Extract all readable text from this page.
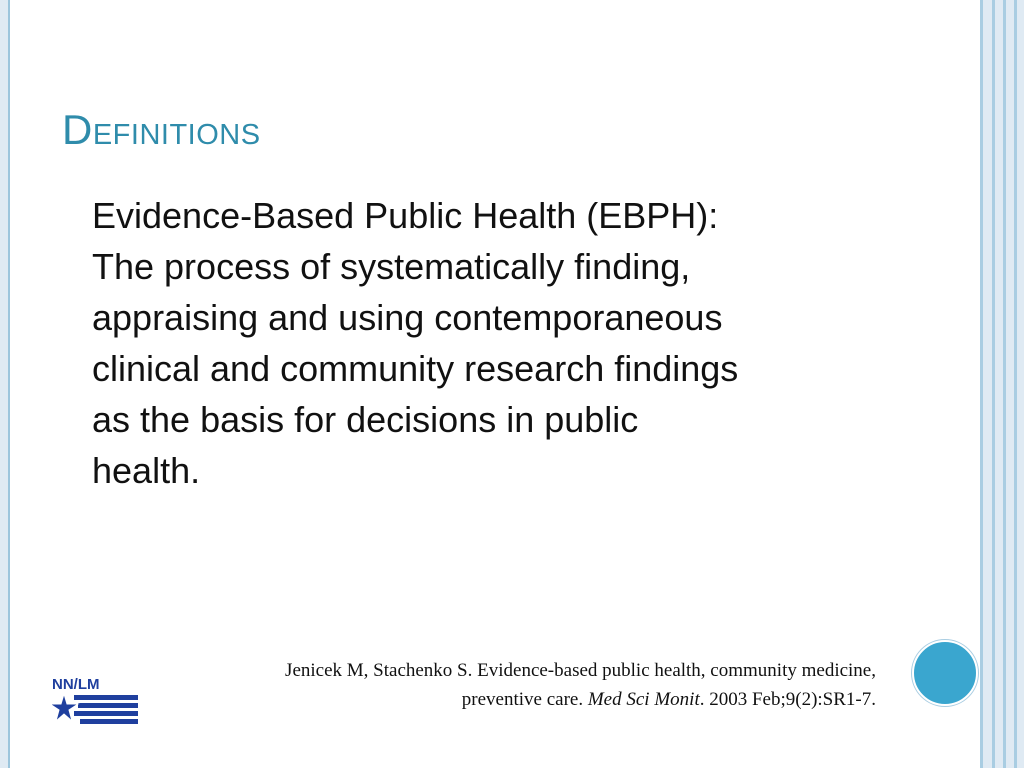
Definitions
Evidence-Based Public Health (EBPH):
The process of systematically finding,
appraising and using contemporaneous
clinical and community research findings
as the basis for decisions in public
health.
NN/LM
Jenicek M, Stachenko S. Evidence-based public health, community medicine,
preventive care. Med Sci Monit. 2003 Feb;9(2):SR1-7.
